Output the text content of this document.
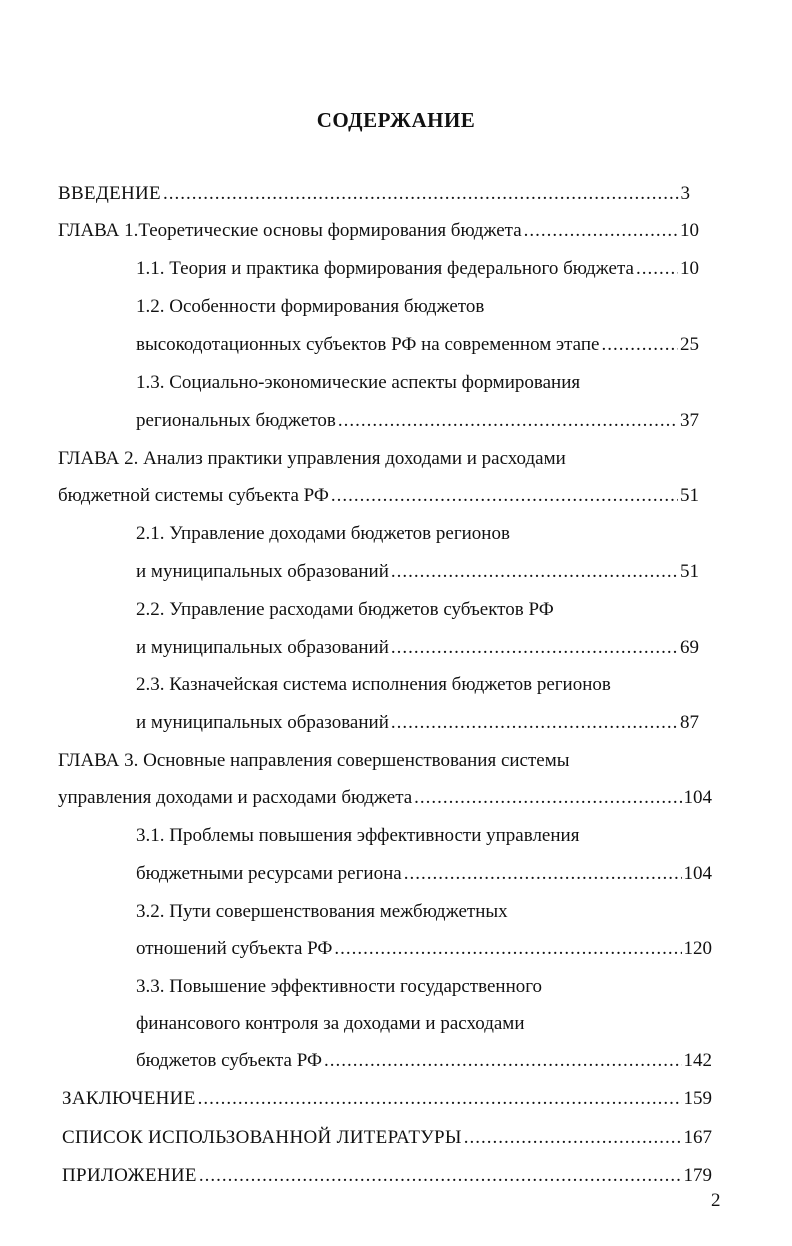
СОДЕРЖАНИЕ
ВВЕДЕНИЕ .....	3
ГЛАВА 1.Теоретические основы формирования бюджета .....	10
1.1. Теория и практика формирования федерального бюджета ..... 10
1.2. Особенности формирования бюджетов
высокодотационных субъектов РФ на современном этапе .....	25
1.3. Социально-экономические аспекты формирования
региональных бюджетов .....	37
ГЛАВА 2. Анализ практики управления доходами и расходами
бюджетной системы субъекта РФ .....	51
2.1. Управление доходами бюджетов регионов
и муниципальных образований .....	51
2.2. Управление расходами бюджетов субъектов РФ
и муниципальных образований .....	69
2.3. Казначейская система исполнения бюджетов регионов
и муниципальных образований .....	87
ГЛАВА 3. Основные направления совершенствования системы
управления доходами и расходами бюджета .....	104
3.1. Проблемы повышения эффективности управления
бюджетными ресурсами региона .....	104
3.2. Пути совершенствования межбюджетных
отношений субъекта РФ .....	120
3.3. Повышение эффективности государственного
финансового контроля за доходами и расходами
бюджетов субъекта РФ .....	142
ЗАКЛЮЧЕНИЕ .....	159
СПИСОК ИСПОЛЬЗОВАННОЙ ЛИТЕРАТУРЫ .....	167
ПРИЛОЖЕНИЕ .....	179
2
